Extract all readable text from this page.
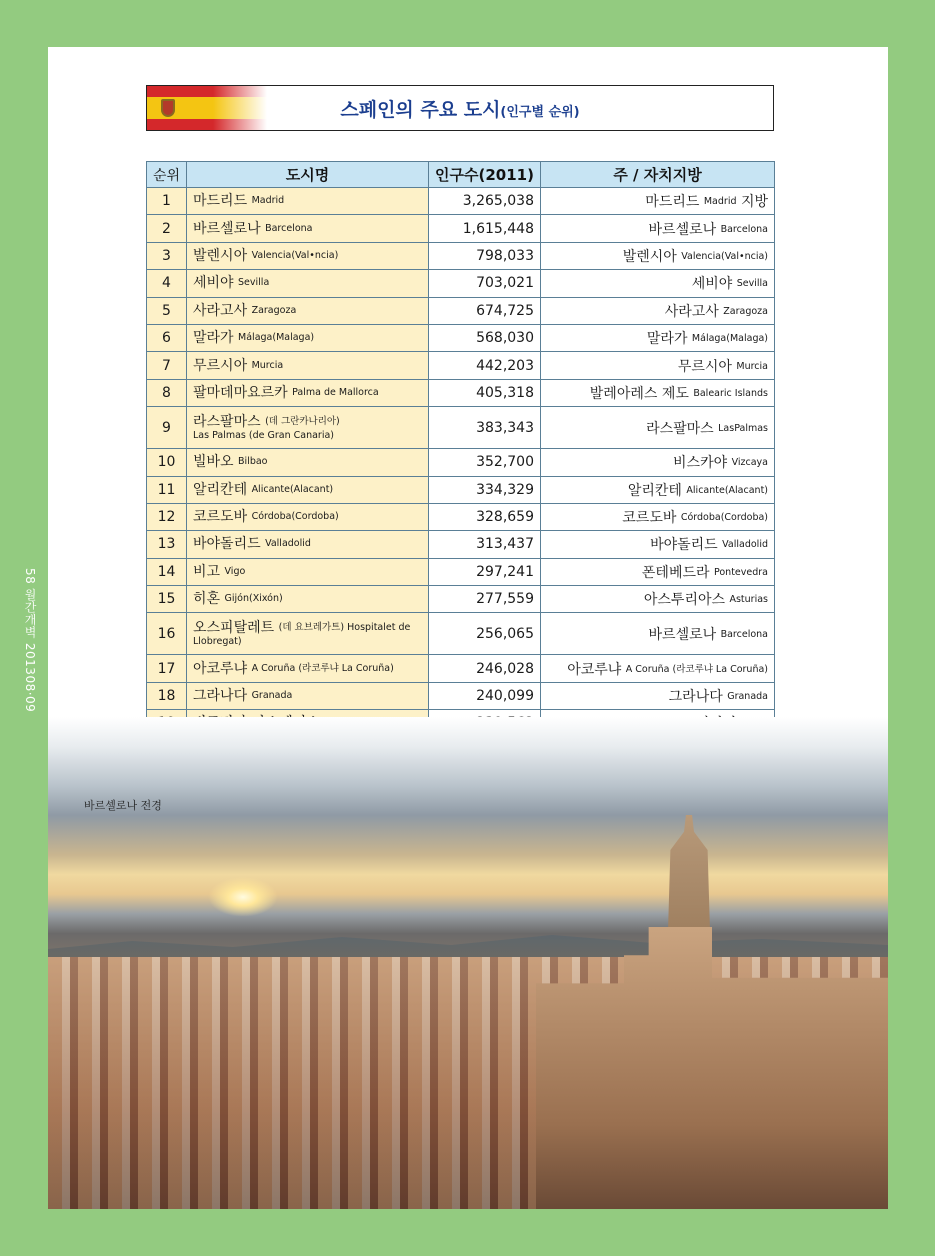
58 월간개벽 201308·09
스페인의 주요 도시(인구별 순위)
순위	도시명	인구수(2011)	주 / 자치지방
1	마드리드 Madrid	3,265,038	마드리드 Madrid 지방
2	바르셀로나 Barcelona	1,615,448	바르셀로나 Barcelona
3	발렌시아 Valencia(Val•ncia)	798,033	발렌시아 Valencia(Val•ncia)
4	세비야 Sevilla	703,021	세비야 Sevilla
5	사라고사 Zaragoza	674,725	사라고사 Zaragoza
6	말라가 Málaga(Malaga)	568,030	말라가 Málaga(Malaga)
7	무르시아 Murcia	442,203	무르시아 Murcia
8	팔마데마요르카 Palma de Mallorca	405,318	발레아레스 제도 Balearic Islands
9	라스팔마스 (데 그란카나리아)
Las Palmas (de Gran Canaria)	383,343	라스팔마스 LasPalmas
10	빌바오 Bilbao	352,700	비스카야 Vizcaya
11	알리칸테 Alicante(Alacant)	334,329	알리칸테 Alicante(Alacant)
12	코르도바 Córdoba(Cordoba)	328,659	코르도바 Córdoba(Cordoba)
13	바야돌리드 Valladolid	313,437	바야돌리드 Valladolid
14	비고 Vigo	297,241	폰테베드라 Pontevedra
15	히혼 Gijón(Xixón)	277,559	아스투리아스 Asturias
16	오스피탈레트 (데 요브레가트) Hospitalet de
Llobregat)	256,065	바르셀로나 Barcelona
17	아코루냐 A Coruña (라코루냐 La Coruña)	246,028	아코루냐 A Coruña (라코루냐 La Coruña)
18	그라나다 Granada	240,099	그라나다 Granada

바르셀로나 전경
